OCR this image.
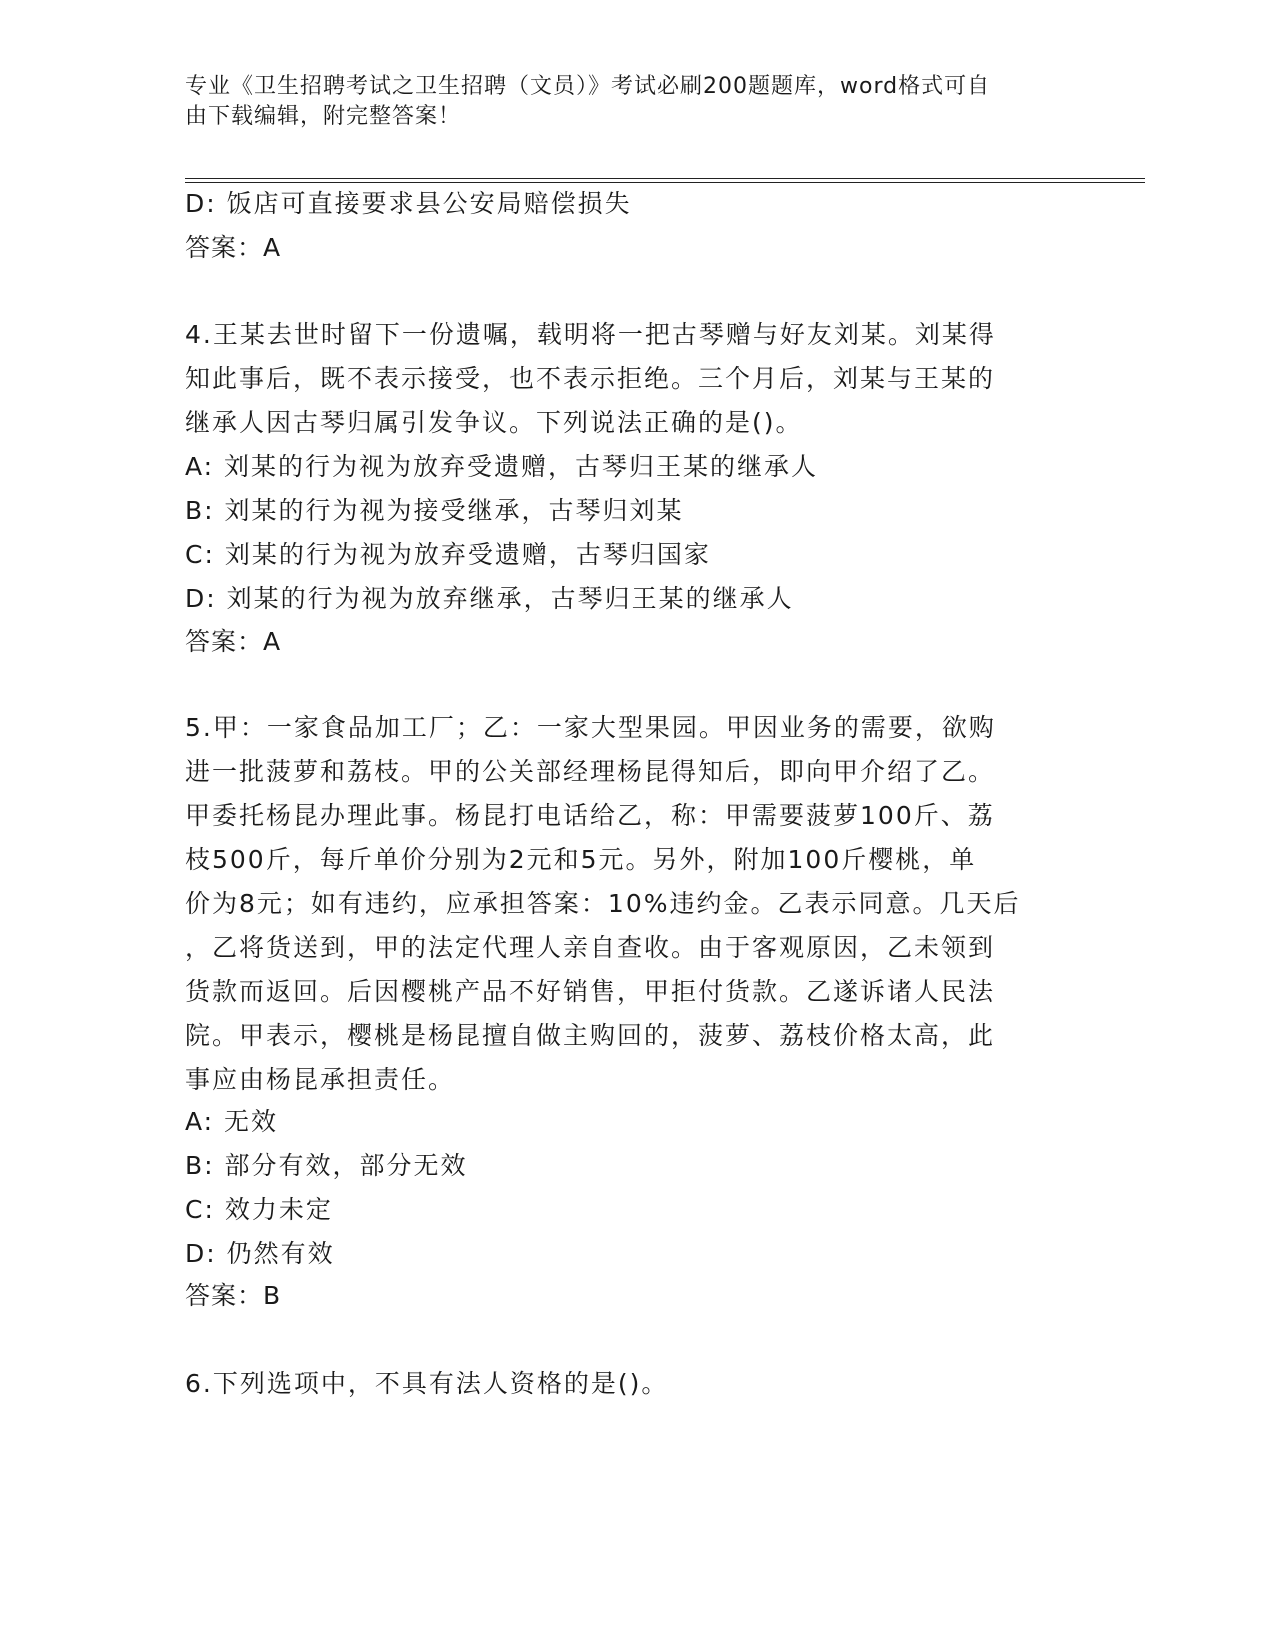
专业《卫生招聘考试之卫生招聘（文员）》考试必刷200题题库，word格式可自
由下载编辑，附完整答案！
D: 饭店可直接要求县公安局赔偿损失
答案：A
4.王某去世时留下一份遗嘱，载明将一把古琴赠与好友刘某。刘某得
知此事后，既不表示接受，也不表示拒绝。三个月后，刘某与王某的
继承人因古琴归属引发争议。下列说法正确的是()。
A: 刘某的行为视为放弃受遗赠，古琴归王某的继承人
B: 刘某的行为视为接受继承，古琴归刘某
C: 刘某的行为视为放弃受遗赠，古琴归国家
D: 刘某的行为视为放弃继承，古琴归王某的继承人
答案：A
5.甲：一家食品加工厂；乙：一家大型果园。甲因业务的需要，欲购
进一批菠萝和荔枝。甲的公关部经理杨昆得知后，即向甲介绍了乙。
甲委托杨昆办理此事。杨昆打电话给乙，称：甲需要菠萝100斤、荔
枝500斤，每斤单价分别为2元和5元。另外，附加100斤樱桃，单
价为8元；如有违约，应承担答案：10%违约金。乙表示同意。几天后
，乙将货送到，甲的法定代理人亲自查收。由于客观原因，乙未领到
货款而返回。后因樱桃产品不好销售，甲拒付货款。乙遂诉诸人民法
院。甲表示，樱桃是杨昆擅自做主购回的，菠萝、荔枝价格太高，此
事应由杨昆承担责任。
A: 无效
B: 部分有效，部分无效
C: 效力未定
D: 仍然有效
答案：B
6.下列选项中，不具有法人资格的是()。
